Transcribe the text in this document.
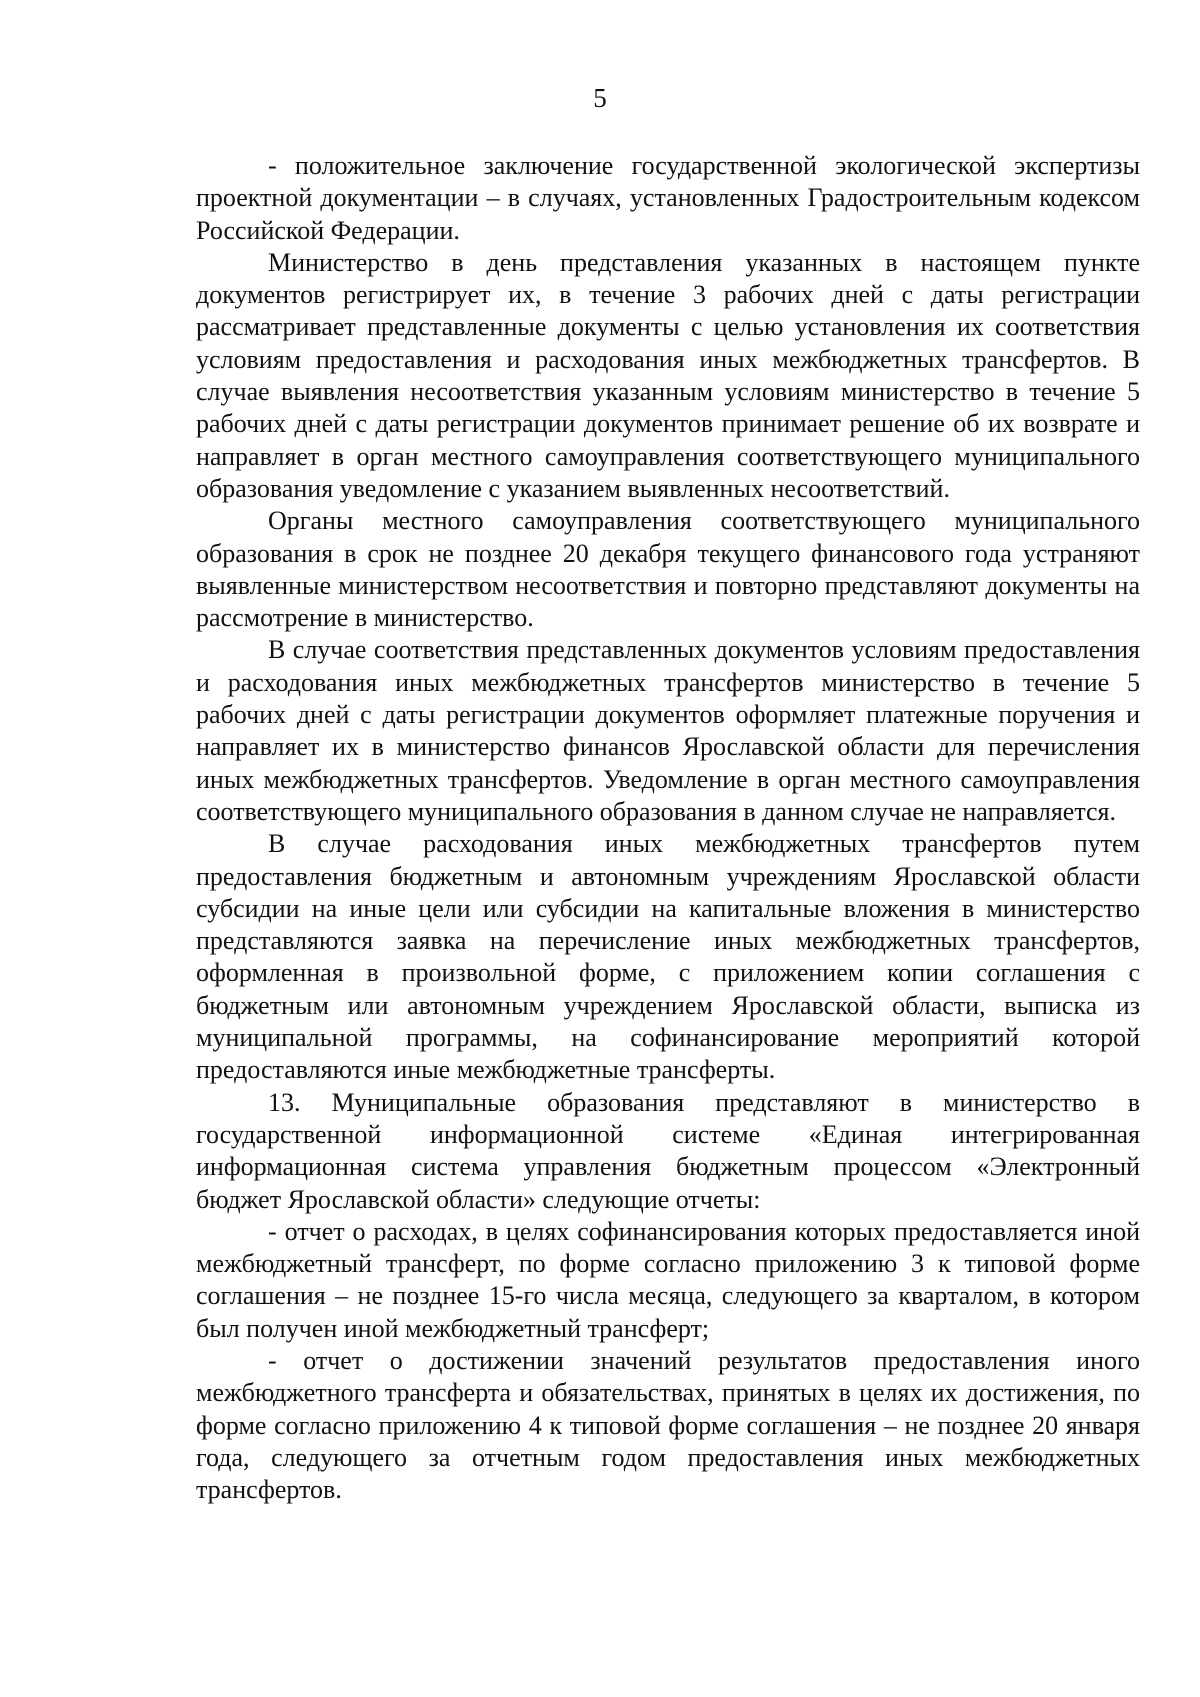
5

- положительное заключение государственной экологической экспертизы проектной документации – в случаях, установленных Градостроительным кодексом Российской Федерации.

Министерство в день представления указанных в настоящем пункте документов регистрирует их, в течение 3 рабочих дней с даты регистрации рассматривает представленные документы с целью установления их соответствия условиям предоставления и расходования иных межбюджетных трансфертов. В случае выявления несоответствия указанным условиям министерство в течение 5 рабочих дней с даты регистрации документов принимает решение об их возврате и направляет в орган местного самоуправления соответствующего муниципального образования уведомление с указанием выявленных несоответствий.

Органы местного самоуправления соответствующего муниципального образования в срок не позднее 20 декабря текущего финансового года устраняют выявленные министерством несоответствия и повторно представляют документы на рассмотрение в министерство.

В случае соответствия представленных документов условиям предоставления и расходования иных межбюджетных трансфертов министерство в течение 5 рабочих дней с даты регистрации документов оформляет платежные поручения и направляет их в министерство финансов Ярославской области для перечисления иных межбюджетных трансфертов. Уведомление в орган местного самоуправления соответствующего муниципального образования в данном случае не направляется.

В случае расходования иных межбюджетных трансфертов путем предоставления бюджетным и автономным учреждениям Ярославской области субсидии на иные цели или субсидии на капитальные вложения в министерство представляются заявка на перечисление иных межбюджетных трансфертов, оформленная в произвольной форме, с приложением копии соглашения с бюджетным или автономным учреждением Ярославской области, выписка из муниципальной программы, на софинансирование мероприятий которой предоставляются иные межбюджетные трансферты.

13. Муниципальные образования представляют в министерство в государственной информационной системе «Единая интегрированная информационная система управления бюджетным процессом «Электронный бюджет Ярославской области» следующие отчеты:

- отчет о расходах, в целях софинансирования которых предоставляется иной межбюджетный трансферт, по форме согласно приложению 3 к типовой форме соглашения – не позднее 15-го числа месяца, следующего за кварталом, в котором был получен иной межбюджетный трансферт;

- отчет о достижении значений результатов предоставления иного межбюджетного трансферта и обязательствах, принятых в целях их достижения, по форме согласно приложению 4 к типовой форме соглашения – не позднее 20 января года, следующего за отчетным годом предоставления иных межбюджетных трансфертов.
